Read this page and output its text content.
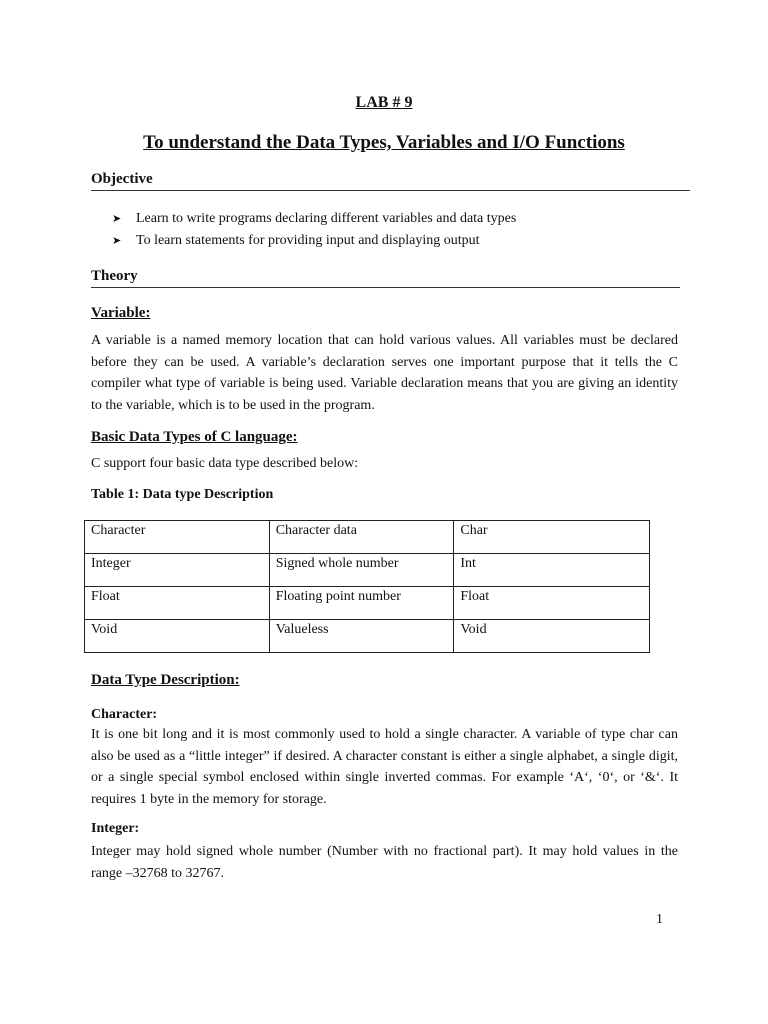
LAB # 9
To understand the Data Types, Variables and I/O Functions
Objective
➤ Learn to write programs declaring different variables and data types
➤ To learn statements for providing input and displaying output
Theory
Variable:
A variable is a named memory location that can hold various values. All variables must be declared before they can be used. A variable’s declaration serves one important purpose that it tells the C compiler what type of variable is being used. Variable declaration means that you are giving an identity to the variable, which is to be used in the program.
Basic Data Types of C language:
C support four basic data type described below:
Table 1: Data type Description
Character	Character data	Char
Integer	Signed whole number	Int
Float	Floating point number	Float
Void	Valueless	Void
Data Type Description:
Character:
It is one bit long and it is most commonly used to hold a single character. A variable of type char can also be used as a “little integer” if desired. A character constant is either a single alphabet, a single digit, or a single special symbol enclosed within single inverted commas. For example ‘A‘, ‘0‘, or ‘&‘. It requires 1 byte in the memory for storage.
Integer:
Integer may hold signed whole number (Number with no fractional part). It may hold values in the range –32768 to 32767.
1
